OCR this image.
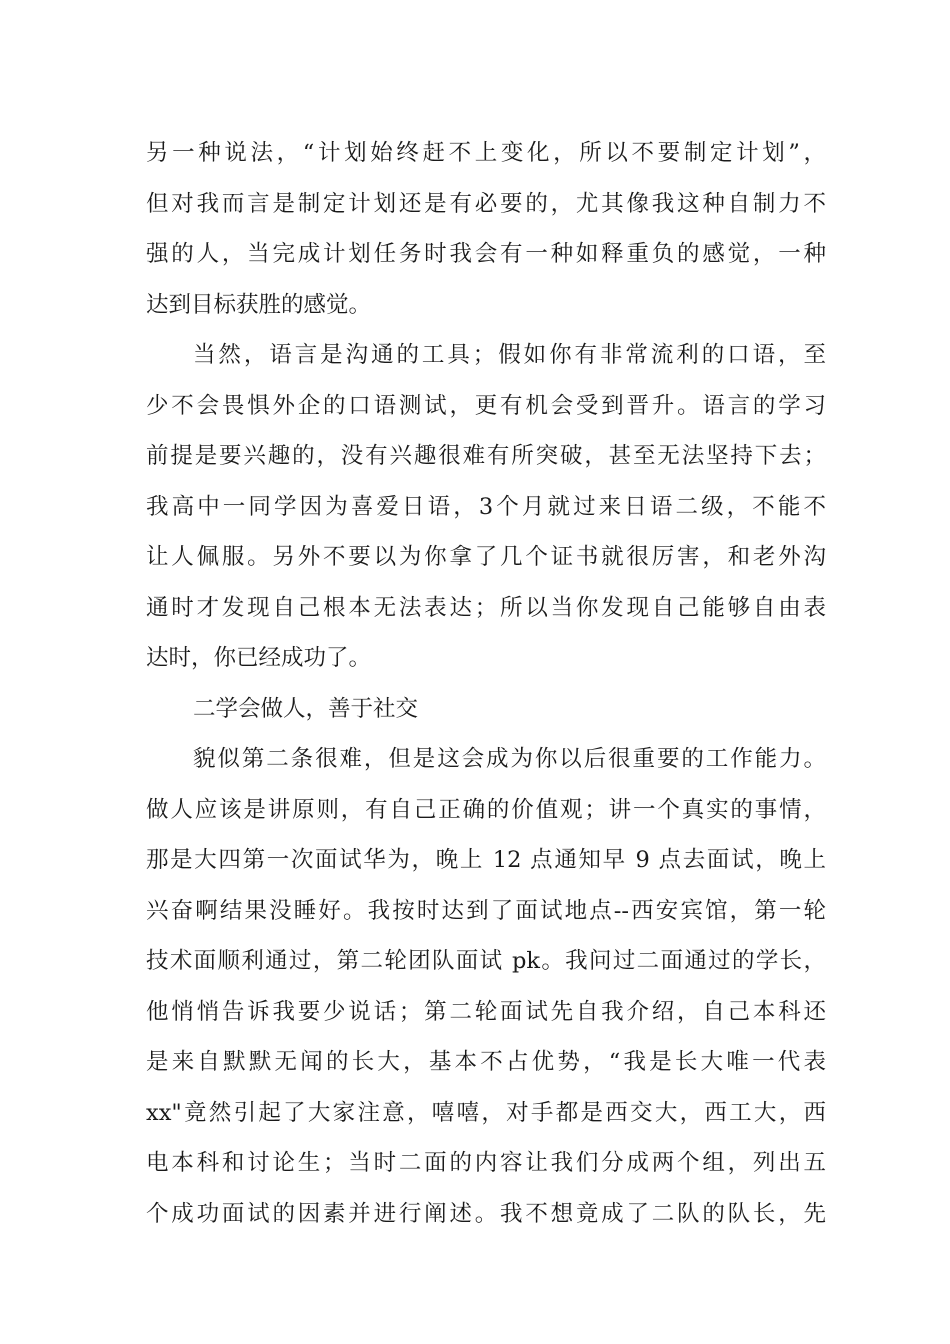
另一种说法，“计划始终赶不上变化，所以不要制定计划”，
但对我而言是制定计划还是有必要的，尤其像我这种自制力不
强的人，当完成计划任务时我会有一种如释重负的感觉，一种
达到目标获胜的感觉。
当然，语言是沟通的工具；假如你有非常流利的口语，至
少不会畏惧外企的口语测试，更有机会受到晋升。语言的学习
前提是要兴趣的，没有兴趣很难有所突破，甚至无法坚持下去；
我高中一同学因为喜爱日语，3个月就过来日语二级，不能不
让人佩服。另外不要以为你拿了几个证书就很厉害，和老外沟
通时才发现自己根本无法表达；所以当你发现自己能够自由表
达时，你已经成功了。
二学会做人，善于社交
貌似第二条很难，但是这会成为你以后很重要的工作能力。
做人应该是讲原则，有自己正确的价值观；讲一个真实的事情，
那是大四第一次面试华为，晚上 12 点通知早 9 点去面试，晚上
兴奋啊结果没睡好。我按时达到了面试地点--西安宾馆，第一轮
技术面顺利通过，第二轮团队面试 pk。我问过二面通过的学长，
他悄悄告诉我要少说话；第二轮面试先自我介绍，自己本科还
是来自默默无闻的长大，基本不占优势，“我是长大唯一代表
xx"竟然引起了大家注意，嘻嘻，对手都是西交大，西工大，西
电本科和讨论生；当时二面的内容让我们分成两个组，列出五
个成功面试的因素并进行阐述。我不想竟成了二队的队长，先
